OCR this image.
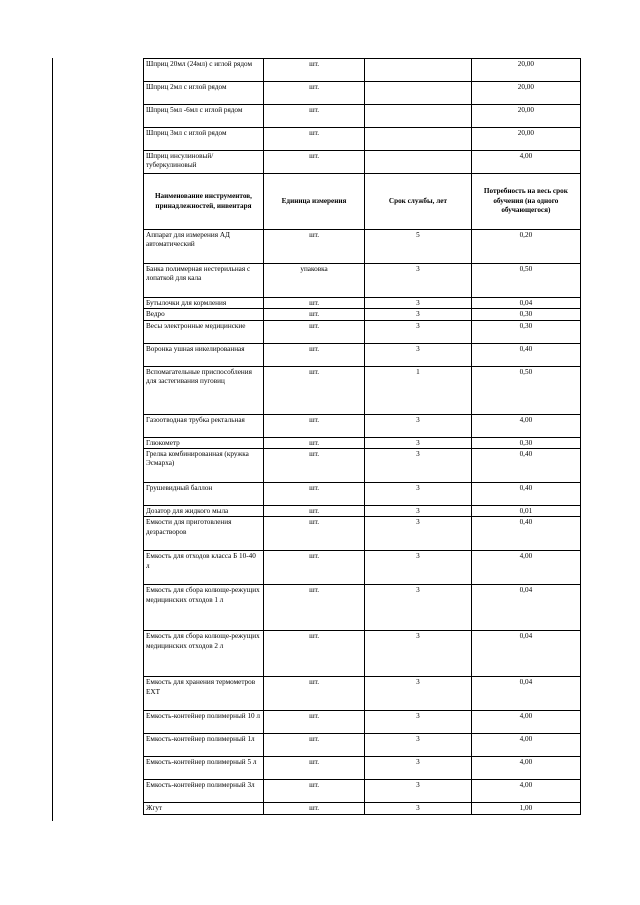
Шприц 20мл (24мл) с иглой рядом	шт.		20,00
Шприц 2мл с иглой рядом	шт.		20,00
Шприц 5мл -6мл с иглой рядом	шт.		20,00
Шприц 3мл с иглой рядом	шт.		20,00
Шприц инсулиновый/ туберкулиновый	шт.		4,00
Наименование инструментов, принадлежностей, инвентаря	Единица измерения	Срок службы, лет	Потребность на весь срок обучения (на одного обучающегося)
Аппарат для измерения АД автоматический	шт.	5	0,20
Банка полимерная нестерильная с лопаткой для кала	упаковка	3	0,50
Бутылочки для кормления	шт.	3	0,04
Ведро	шт.	3	0,30
Весы электронные медицинские	шт.	3	0,30
Воронка ушная никелированная	шт.	3	0,40
Вспомагательные приспособления для застегивания пуговиц	шт.	1	0,50
Газоотводная трубка ректальная	шт.	3	4,00
Глюкометр	шт.	3	0,30
Грелка комбинированная (кружка Эсмарха)	шт.	3	0,40
Грушевидный баллон	шт.	3	0,40
Дозатор для жидкого мыла	шт.	3	0,01
Емкости для приготовления дезрастворов	шт.	3	0,40
Емкость для отходов класса Б 10-40 л	шт.	3	4,00
Емкость для сбора колюще-режущих медицинских отходов 1 л	шт.	3	0,04
Емкость для сбора колюще-режущих медицинских отходов 2 л	шт.	3	0,04
Емкость для хранения термометров ЕХТ	шт.	3	0,04
Емкость-контейнер полимерный 10 л	шт.	3	4,00
Емкость-контейнер полимерный 1л	шт.	3	4,00
Емкость-контейнер полимерный 5 л	шт.	3	4,00
Емкость-контейнер полимерный 3л	шт.	3	4,00
Жгут	шт.	3	1,00
